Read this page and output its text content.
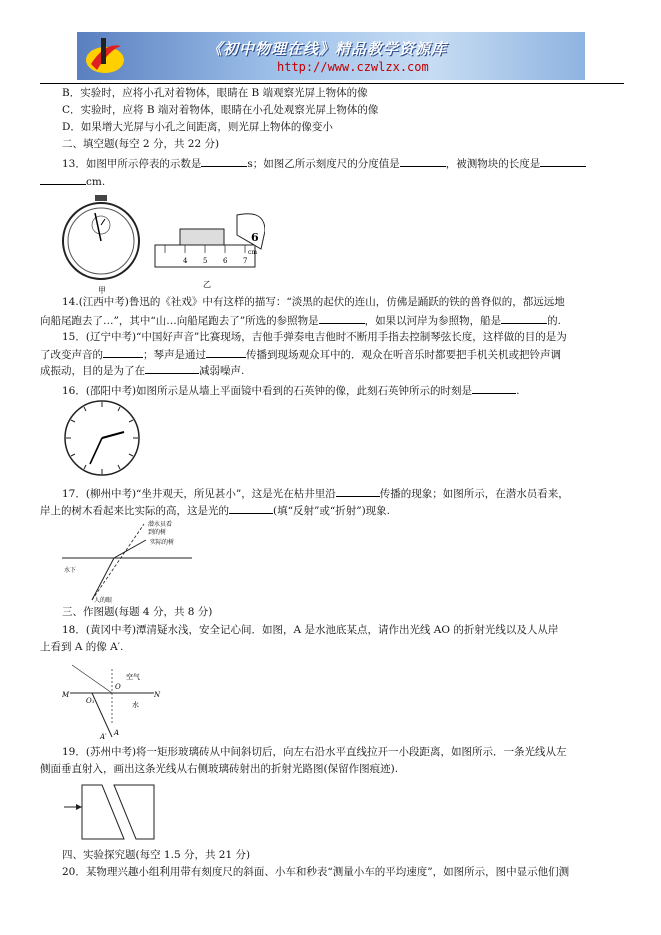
《初中物理在线》精品教学资源库
http://www.czwlzx.com
B．实验时，应将小孔对着物体，眼睛在 B 端观察光屏上物体的像
C．实验时，应将 B 端对着物体，眼睛在小孔处观察光屏上物体的像
D．如果增大光屏与小孔之间距离，则光屏上物体的像变小
二、填空题(每空 2 分，共 22 分)
13．如图甲所示停表的示数是	s；如图乙所示刻度尺的分度值是	，被测物块的长度是
cm.
甲
4 5 6 7
cm
6
乙
14.(江西中考)鲁迅的《社戏》中有这样的描写：“淡黑的起伏的连山，仿佛是踊跃的铁的兽脊似的，都远远地
向船尾跑去了…”，其中“山…向船尾跑去了”所选的参照物是	，如果以河岸为参照物，船是	的.
15．(辽宁中考)“中国好声音”比赛现场，吉他手弹奏电吉他时不断用手指去控制琴弦长度，这样做的目的是为
了改变声音的	；琴声是通过	传播到现场观众耳中的．观众在听音乐时都要把手机关机或把铃声调
成振动，目的是为了在	减弱噪声.
16．(邵阳中考)如图所示是从墙上平面镜中看到的石英钟的像，此刻石英钟所示的时刻是	.
17．(柳州中考)“坐井观天，所见甚小”，这是光在枯井里沿	传播的现象；如图所示，在潜水员看来，
岸上的树木看起来比实际的高，这是光的	(填“反射”或“折射”)现象.
潜水员看
到的树
实际的树
水下
人的眼
三、作图题(每题 4 分，共 8 分)
18．(黄冈中考)潭清疑水浅，安全记心间．如图，A 是水池底某点，请作出光线 AO 的折射光线以及人从岸
上看到 A 的像 A′.
M	N
O
O₁
空气
水
A
A′
19．(苏州中考)将一矩形玻璃砖从中间斜切后，向左右沿水平直线拉开一小段距离，如图所示．一条光线从左
侧面垂直射入，画出这条光线从右侧玻璃砖射出的折射光路图(保留作图痕迹).
四、实验探究题(每空 1.5 分，共 21 分)
20．某物理兴趣小组利用带有刻度尺的斜面、小车和秒表“测量小车的平均速度”，如图所示，图中显示他们测
